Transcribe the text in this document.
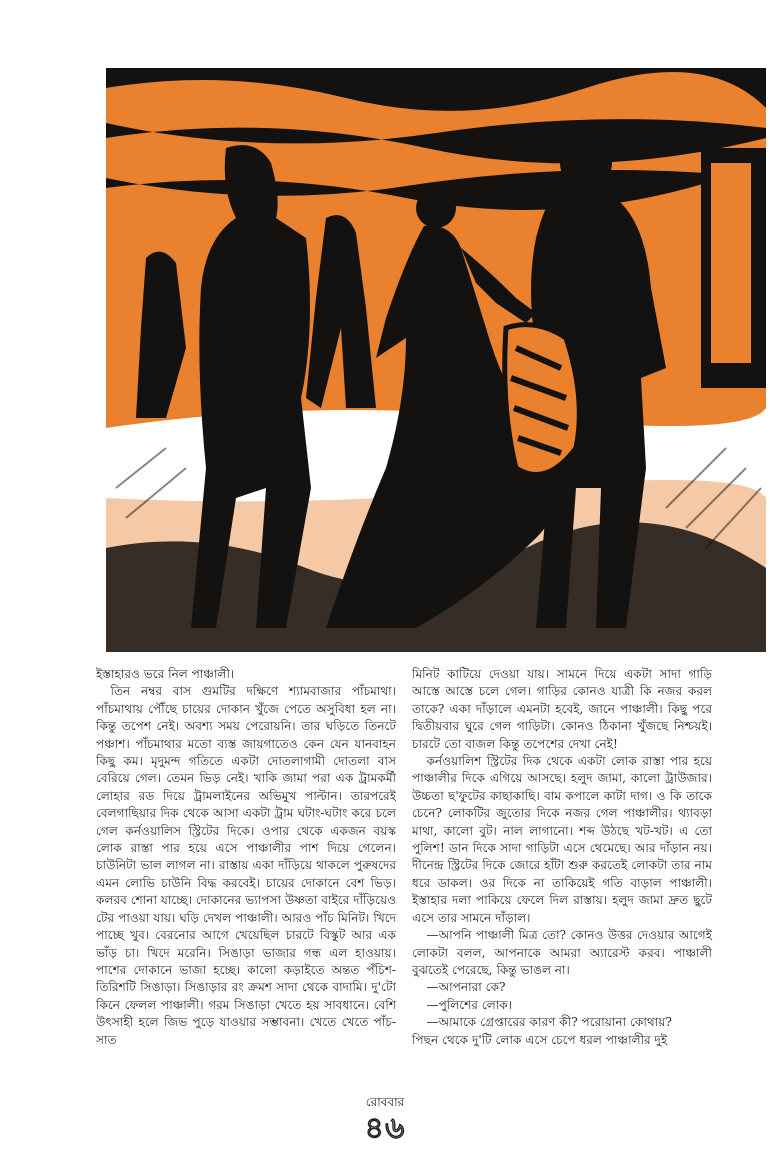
ইস্তাহারও ভরে নিল পাঞ্চালী।

তিন নম্বর বাস গুমটির দক্ষিণে শ্যামবাজার পাঁচমাথা। পাঁচমাথায় পৌঁছে চায়ের দোকান খুঁজে পেতে অসুবিধা হল না। কিন্তু তপেশ নেই। অবশ্য সময় পেরোয়নি। তার ঘড়িতে তিনটে পঞ্চাশ। পাঁচমাথার মতো ব্যস্ত জায়গাতেও কেন যেন যানবাহন কিছু কম। মৃদুমন্দ গতিতে একটা দোতলাগামী দোতলা বাস বেরিয়ে গেল। তেমন ভিড় নেই। খাকি জামা পরা এক ট্রামকর্মী লোহার রড দিয়ে ট্রামলাইনের অভিমুখ পাল্টান। তারপরেই বেলগাছিয়ার দিক থেকে আসা একটা ট্রাম ঘটাং-ঘটাং করে চলে গেল কর্নওয়ালিস স্ট্রিটের দিকে। ওপার থেকে একজন বয়স্ক লোক রাস্তা পার হয়ে এসে পাঞ্চালীর পাশ দিয়ে গেলেন। চাউনিটা ভাল লাগল না। রাস্তায় একা দাঁড়িয়ে থাকলে পুরুষদের এমন লোভি চাউনি বিদ্ধ করবেই। চায়ের দোকানে বেশ ভিড়। কলরব শোনা যাচ্ছে। দোকানের ভ্যাপসা উষ্ণতা বাইরে দাঁড়িয়েও টের পাওয়া যায়। ঘড়ি দেখল পাঞ্চালী। আরও পাঁচ মিনিট। খিদে পাচ্ছে খুব। বেরনোর আগে খেয়েছিল চারটে বিস্কুট আর এক ভাঁড় চা। খিদে মরেনি। সিঙাড়া ভাজার গন্ধ এল হাওয়ায়। পাশের দোকানে ভাজা হচ্ছে। কালো কড়াইতে অন্তত পঁচিশ-তিরিশটি সিঙাড়া। সিঙাড়ার রং ক্রমশ সাদা থেকে বাদামি। দু'টো কিনে ফেলল পাঞ্চালী। গরম সিঙাড়া খেতে হয় সাবধানে। বেশি উৎসাহী হলে জিভ পুড়ে যাওয়ার সম্ভাবনা। খেতে খেতে পাঁচ-সাত

মিনিট কাটিয়ে দেওয়া যায়। সামনে দিয়ে একটা সাদা গাড়ি আস্তে আস্তে চলে গেল। গাড়ির কোনও যাত্রী কি নজর করল তাকে? একা দাঁড়ালে এমনটা হবেই, জানে পাঞ্চালী। কিছু পরে দ্বিতীয়বার ঘুরে গেল গাড়িটা। কোনও ঠিকানা খুঁজছে নিশ্চয়ই। চারটে তো বাজল কিন্তু তপেশের দেখা নেই!

কর্নওয়ালিশ স্ট্রিটের দিক থেকে একটা লোক রাস্তা পার হয়ে পাঞ্চালীর দিকে এগিয়ে আসছে। হলুদ জামা, কালো ট্রাউজার। উচ্চতা ছ'ফুটের কাছাকাছি। বাম কপালে কাটা দাগ। ও কি তাকে চেনে? লোকটির জুতোর দিকে নজর গেল পাঞ্চালীর। থ্যাবড়া মাথা, কালো বুট। নাল লাগানো। শব্দ উঠছে খট-খট। এ তো পুলিশ! ডান দিকে সাদা গাড়িটা এসে থেমেছে। আর দাঁড়ান নয়। দীনেন্দ্র স্ট্রিটের দিকে জোরে হাঁটা শুরু করতেই লোকটা তার নাম ধরে ডাকল। ওর দিকে না তাকিয়েই গতি বাড়াল পাঞ্চালী। ইস্তাহার দলা পাকিয়ে ফেলে দিল রাস্তায়। হলুদ জামা দ্রুত ছুটে এসে তার সামনে দাঁড়াল।

—আপনি পাঞ্চালী মিত্র তো? কোনও উত্তর দেওয়ার আগেই লোকটা বলল, আপনাকে আমরা অ্যারেস্ট করব। পাঞ্চালী বুঝতেই পেরেছে, কিন্তু ভাঙল না।

—আপনারা কে?

—পুলিশের লোক।

—আমাকে গ্রেপ্তারের কারণ কী? পরোয়ানা কোথায়?

পিছন থেকে দু'টি লোক এসে চেপে ধরল পাঞ্চালীর দুই

রোববার
৪৬
